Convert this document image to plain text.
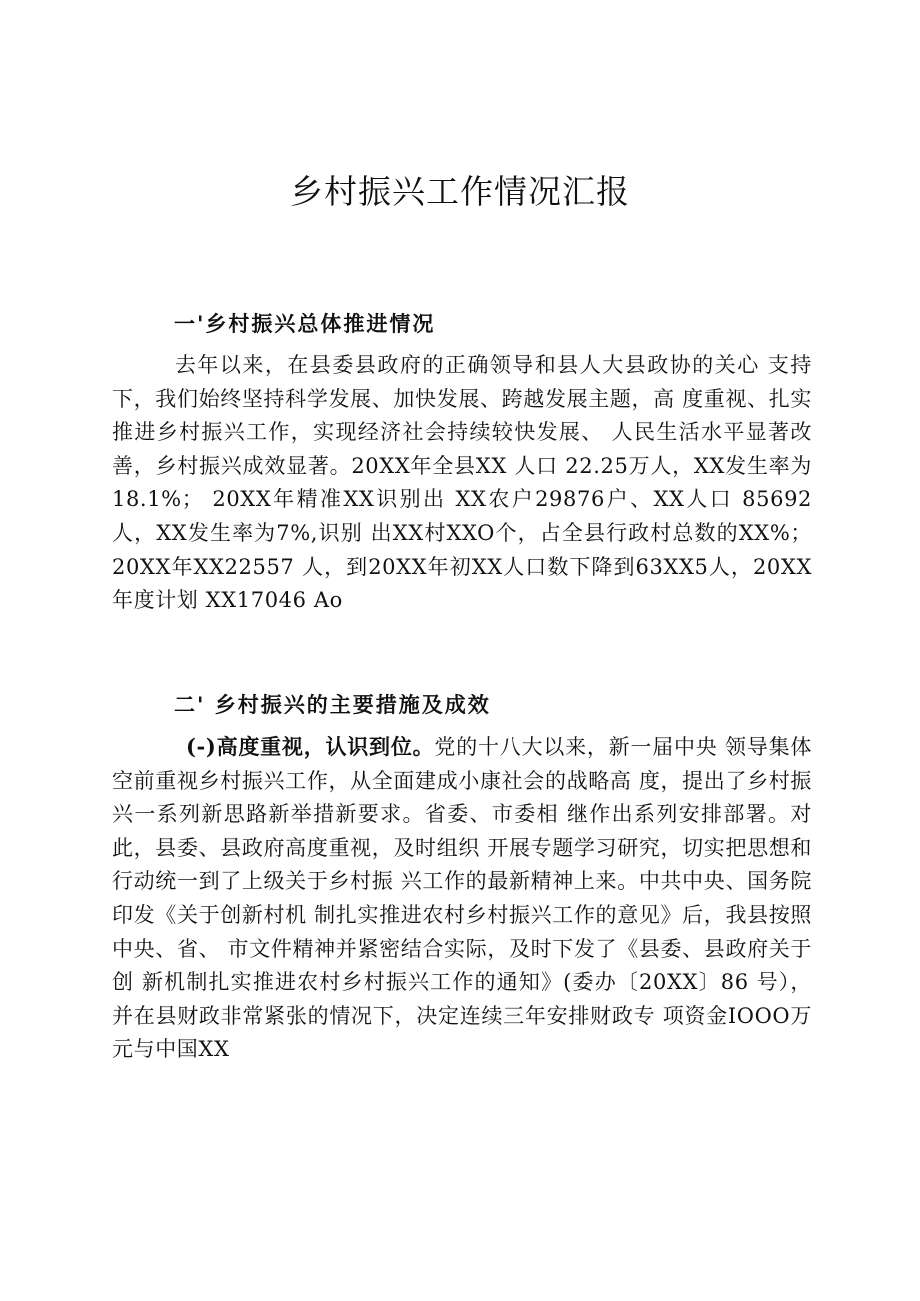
乡村振兴工作情况汇报
一'乡村振兴总体推进情况
去年以来，在县委县政府的正确领导和县人大县政协的关心 支持下，我们始终坚持科学发展、加快发展、跨越发展主题，高 度重视、扎实推进乡村振兴工作，实现经济社会持续较快发展、 人民生活水平显著改善，乡村振兴成效显著。20XX年全县XX 人口 22.25万人，XX发生率为18.1%； 20XX年精准XX识别出 XX农户29876户、XX人口 85692人，XX发生率为7%,识别 出XX村XXO个，占全县行政村总数的XX%；20XX年XX22557 人，到20XX年初XX人口数下降到63XX5人，20XX年度计划 XX17046 Ao
二' 乡村振兴的主要措施及成效
(-)高度重视，认识到位。党的十八大以来，新一届中央 领导集体空前重视乡村振兴工作，从全面建成小康社会的战略高 度，提出了乡村振兴一系列新思路新举措新要求。省委、市委相 继作出系列安排部署。对此，县委、县政府高度重视，及时组织 开展专题学习研究，切实把思想和行动统一到了上级关于乡村振 兴工作的最新精神上来。中共中央、国务院印发《关于创新村机 制扎实推进农村乡村振兴工作的意见》后，我县按照中央、省、 市文件精神并紧密结合实际，及时下发了《县委、县政府关于创 新机制扎实推进农村乡村振兴工作的通知》(委办〔20XX〕86 号），并在县财政非常紧张的情况下，决定连续三年安排财政专 项资金IOOO万元与中国XX
